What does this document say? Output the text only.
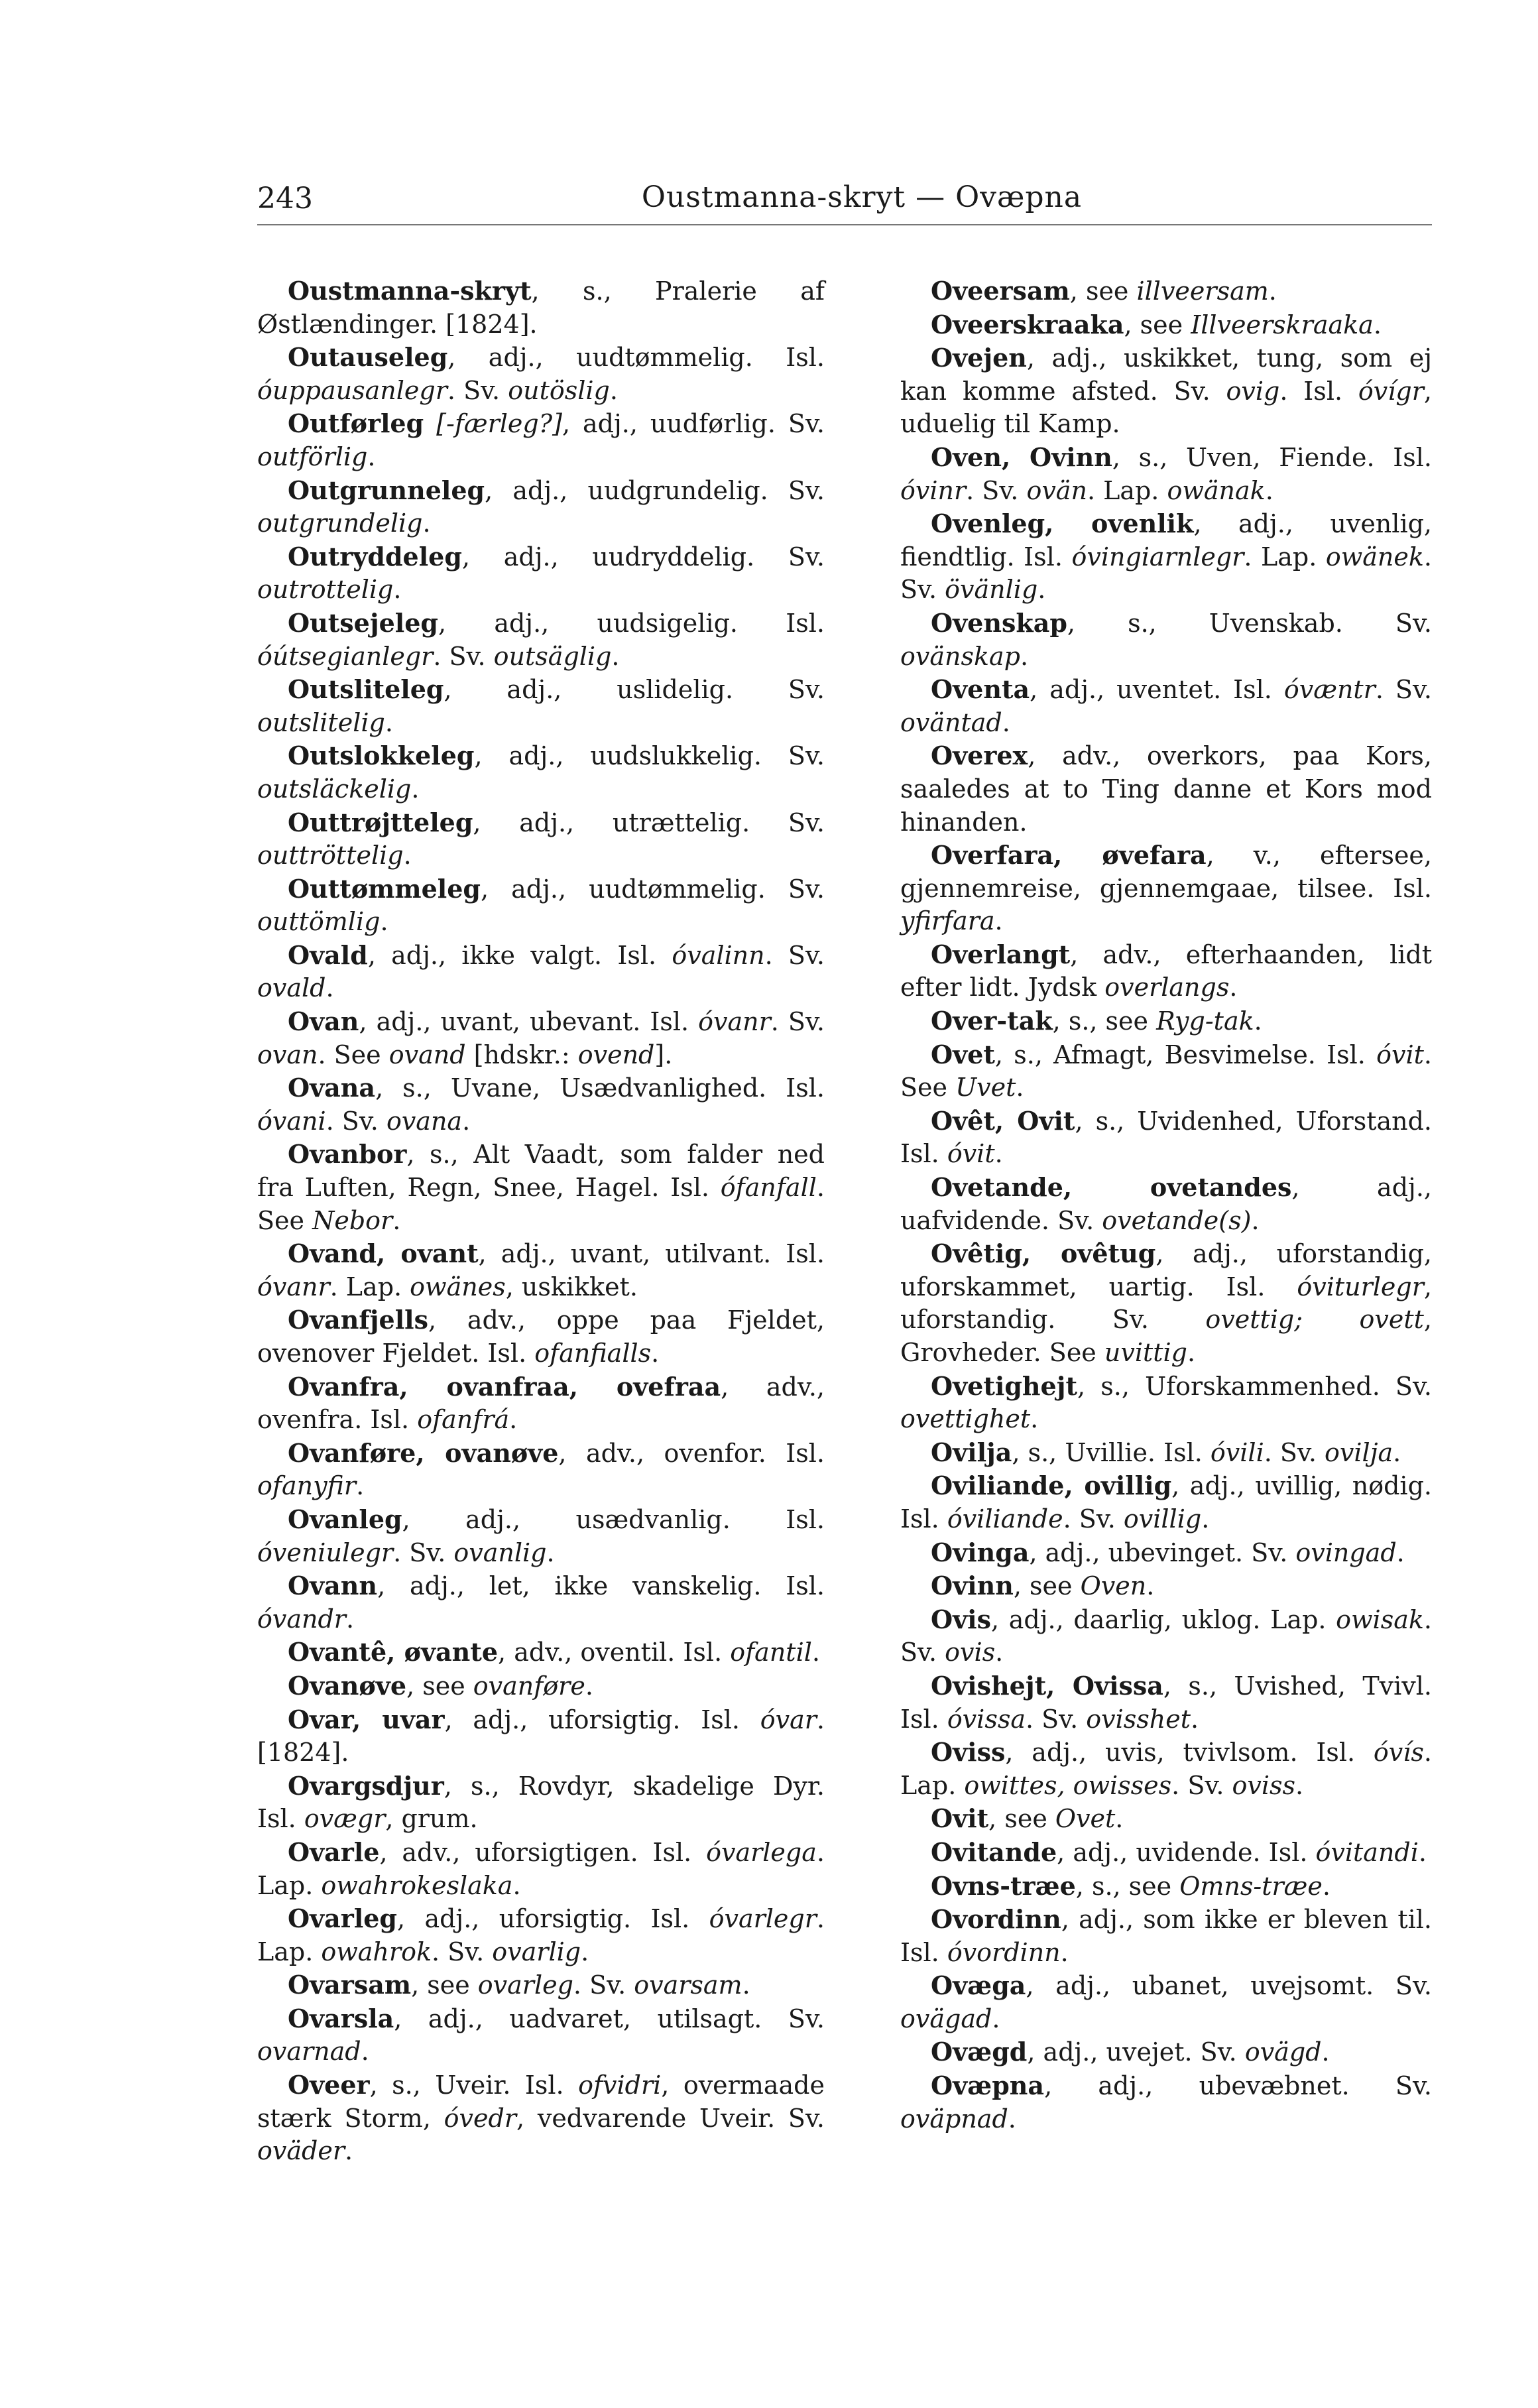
243	Oustmanna-skryt — Ovæpna

Oustmanna-skryt, s., Pralerie af Østlændinger. [1824].

Outauseleg, adj., uudtømmelig. Isl. óuppausanlegr. Sv. outöslig.

Outførleg [-færleg?], adj., uudførlig. Sv. outförlig.

Outgrunneleg, adj., uudgrundelig. Sv. outgrundelig.

Outryddeleg, adj., uudryddelig. Sv. outrottelig.

Outsejeleg, adj., uudsigelig. Isl. óútsegianlegr. Sv. outsäglig.

Outsliteleg, adj., uslidelig. Sv. outslitelig.

Outslokkeleg, adj., uudslukkelig. Sv. outsläckelig.

Outtrøjtteleg, adj., utrættelig. Sv. outtröttelig.

Outtømmeleg, adj., uudtømmelig. Sv. outtömlig.

Ovald, adj., ikke valgt. Isl. óvalinn. Sv. ovald.

Ovan, adj., uvant, ubevant. Isl. óvanr. Sv. ovan. See ovand [hdskr.: ovend].

Ovana, s., Uvane, Usædvanlighed. Isl. óvani. Sv. ovana.

Ovanbor, s., Alt Vaadt, som falder ned fra Luften, Regn, Snee, Hagel. Isl. ófanfall. See Nebor.

Ovand, ovant, adj., uvant, utilvant. Isl. óvanr. Lap. owänes, uskikket.

Ovanfjells, adv., oppe paa Fjeldet, ovenover Fjeldet. Isl. ofanfialls.

Ovanfra, ovanfraa, ovefraa, adv., ovenfra. Isl. ofanfrá.

Ovanføre, ovanøve, adv., ovenfor. Isl. ofanyfir.

Ovanleg, adj., usædvanlig. Isl. óveniulegr. Sv. ovanlig.

Ovann, adj., let, ikke vanskelig. Isl. óvandr.

Ovantê, øvante, adv., oventil. Isl. ofantil.

Ovanøve, see ovanføre.

Ovar, uvar, adj., uforsigtig. Isl. óvar. [1824].

Ovargsdjur, s., Rovdyr, skadelige Dyr. Isl. ovægr, grum.

Ovarle, adv., uforsigtigen. Isl. óvarlega. Lap. owahrokeslaka.

Ovarleg, adj., uforsigtig. Isl. óvarlegr. Lap. owahrok. Sv. ovarlig.

Ovarsam, see ovarleg. Sv. ovarsam.

Ovarsla, adj., uadvaret, utilsagt. Sv. ovarnad.

Oveer, s., Uveir. Isl. ofvidri, overmaade stærk Storm, óvedr, vedvarende Uveir. Sv. oväder.

Oveersam, see illveersam.

Oveerskraaka, see Illveerskraaka.

Ovejen, adj., uskikket, tung, som ej kan komme afsted. Sv. ovig. Isl. óvígr, uduelig til Kamp.

Oven, Ovinn, s., Uven, Fiende. Isl. óvinr. Sv. ovän. Lap. owänak.

Ovenleg, ovenlik, adj., uvenlig, fiendtlig. Isl. óvingiarnlegr. Lap. owänek. Sv. övänlig.

Ovenskap, s., Uvenskab. Sv. ovänskap.

Oventa, adj., uventet. Isl. óvæntr. Sv. oväntad.

Overex, adv., overkors, paa Kors, saaledes at to Ting danne et Kors mod hinanden.

Overfara, øvefara, v., eftersee, gjennemreise, gjennemgaae, tilsee. Isl. yfirfara.

Overlangt, adv., efterhaanden, lidt efter lidt. Jydsk overlangs.

Over-tak, s., see Ryg-tak.

Ovet, s., Afmagt, Besvimelse. Isl. óvit. See Uvet.

Ovêt, Ovit, s., Uvidenhed, Uforstand. Isl. óvit.

Ovetande, ovetandes, adj., uafvidende. Sv. ovetande(s).

Ovêtig, ovêtug, adj., uforstandig, uforskammet, uartig. Isl. óviturlegr, uforstandig. Sv. ovettig; ovett, Grovheder. See uvittig.

Ovetighejt, s., Uforskammenhed. Sv. ovettighet.

Ovilja, s., Uvillie. Isl. óvili. Sv. ovilja.

Oviliande, ovillig, adj., uvillig, nødig. Isl. óviliande. Sv. ovillig.

Ovinga, adj., ubevinget. Sv. ovingad.

Ovinn, see Oven.

Ovis, adj., daarlig, uklog. Lap. owisak. Sv. ovis.

Ovishejt, Ovissa, s., Uvished, Tvivl. Isl. óvissa. Sv. ovisshet.

Oviss, adj., uvis, tvivlsom. Isl. óvís. Lap. owittes, owisses. Sv. oviss.

Ovit, see Ovet.

Ovitande, adj., uvidende. Isl. óvitandi.

Ovns-træe, s., see Omns-træe.

Ovordinn, adj., som ikke er bleven til. Isl. óvordinn.

Ovæga, adj., ubanet, uvejsomt. Sv. ovägad.

Ovægd, adj., uvejet. Sv. ovägd.

Ovæpna, adj., ubevæbnet. Sv. oväpnad.
